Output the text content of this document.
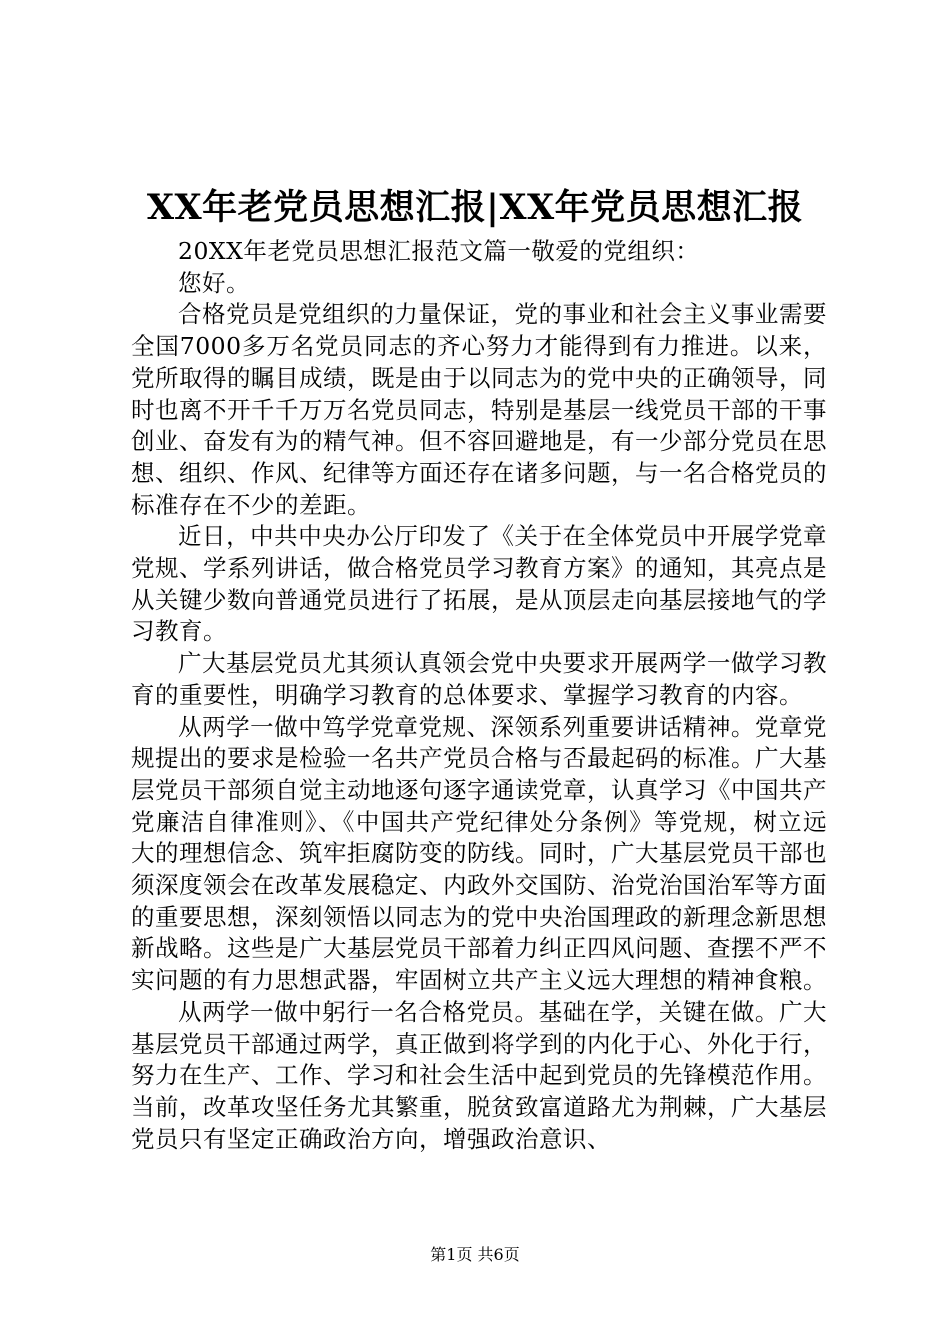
XX年老党员思想汇报|XX年党员思想汇报

20XX年老党员思想汇报范文篇一敬爱的党组织：

您好。

合格党员是党组织的力量保证，党的事业和社会主义事业需要全国7000多万名党员同志的齐心努力才能得到有力推进。以来，党所取得的瞩目成绩，既是由于以同志为的党中央的正确领导，同时也离不开千千万万名党员同志，特别是基层一线党员干部的干事创业、奋发有为的精气神。但不容回避地是，有一少部分党员在思想、组织、作风、纪律等方面还存在诸多问题，与一名合格党员的标准存在不少的差距。

近日，中共中央办公厅印发了《关于在全体党员中开展学党章党规、学系列讲话，做合格党员学习教育方案》的通知，其亮点是从关键少数向普通党员进行了拓展，是从顶层走向基层接地气的学习教育。

广大基层党员尤其须认真领会党中央要求开展两学一做学习教育的重要性，明确学习教育的总体要求、掌握学习教育的内容。

从两学一做中笃学党章党规、深领系列重要讲话精神。党章党规提出的要求是检验一名共产党员合格与否最起码的标准。广大基层党员干部须自觉主动地逐句逐字通读党章，认真学习《中国共产党廉洁自律准则》、《中国共产党纪律处分条例》等党规，树立远大的理想信念、筑牢拒腐防变的防线。同时，广大基层党员干部也须深度领会在改革发展稳定、内政外交国防、治党治国治军等方面的重要思想，深刻领悟以同志为的党中央治国理政的新理念新思想新战略。这些是广大基层党员干部着力纠正四风问题、查摆不严不实问题的有力思想武器，牢固树立共产主义远大理想的精神食粮。

从两学一做中躬行一名合格党员。基础在学，关键在做。广大基层党员干部通过两学，真正做到将学到的内化于心、外化于行，努力在生产、工作、学习和社会生活中起到党员的先锋模范作用。当前，改革攻坚任务尤其繁重，脱贫致富道路尤为荆棘，广大基层党员只有坚定正确政治方向，增强政治意识、

第1页 共6页
